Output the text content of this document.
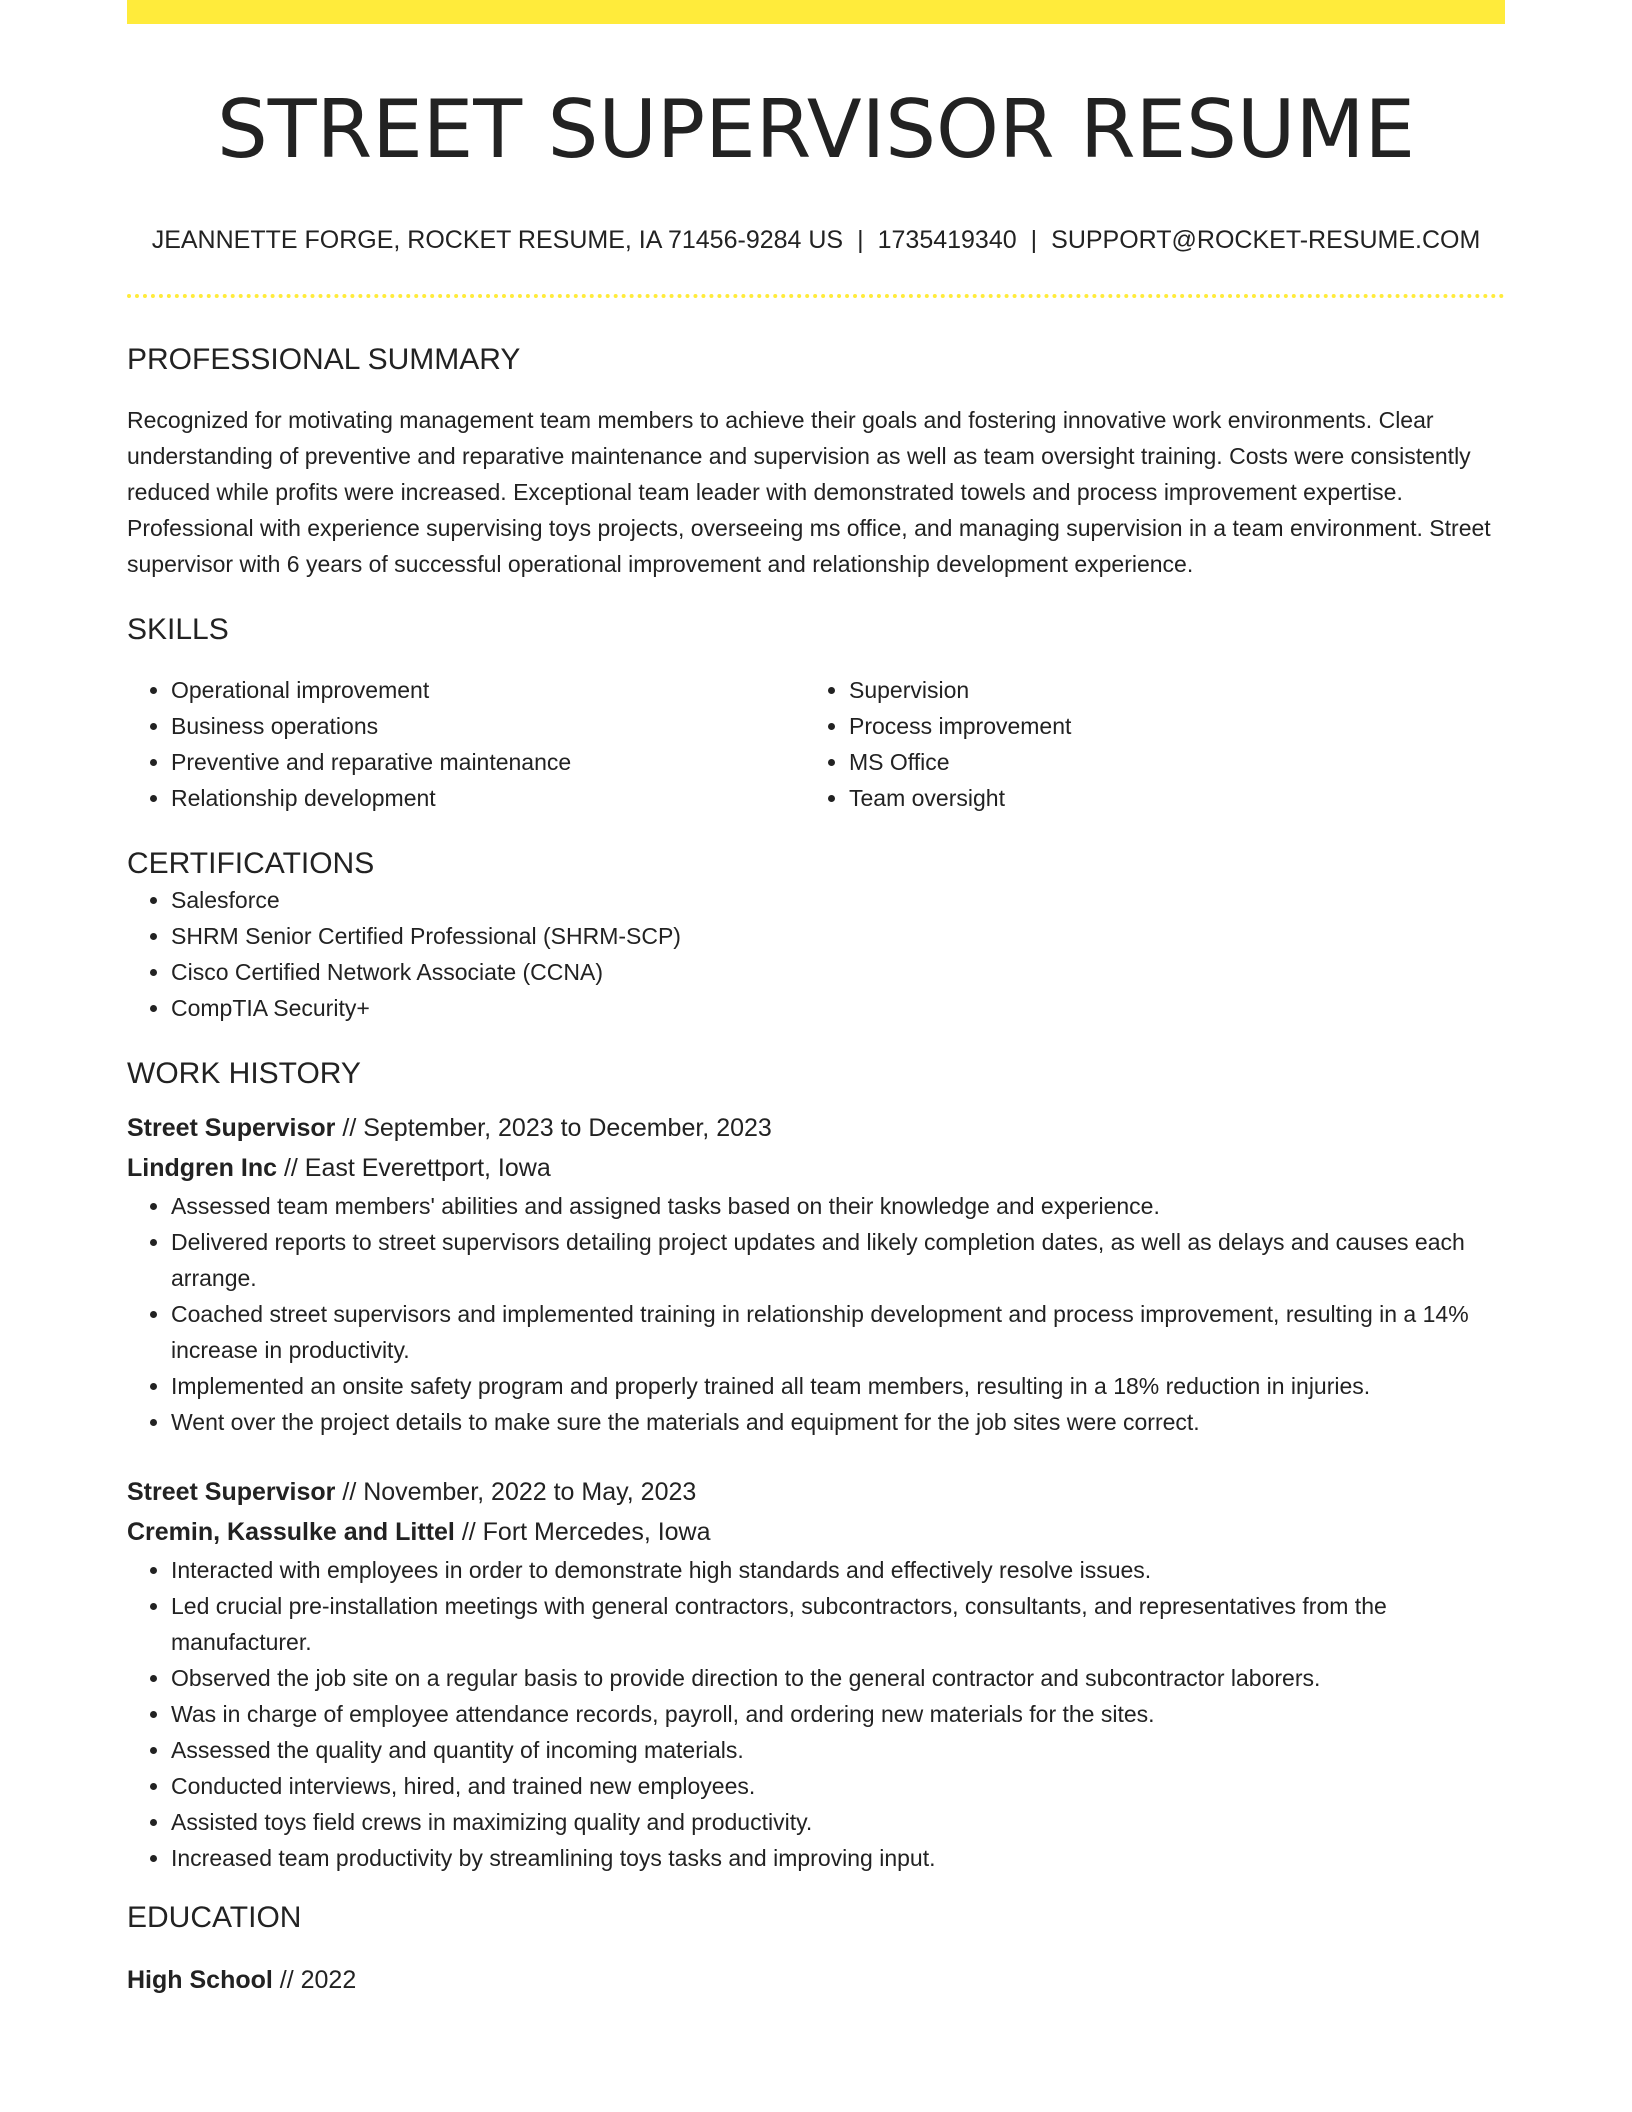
STREET SUPERVISOR RESUME
JEANNETTE FORGE, ROCKET RESUME, IA 71456-9284 US | 1735419340 | SUPPORT@ROCKET-RESUME.COM
PROFESSIONAL SUMMARY

Recognized for motivating management team members to achieve their goals and fostering innovative work environments. Clear understanding of preventive and reparative maintenance and supervision as well as team oversight training. Costs were consistently reduced while profits were increased. Exceptional team leader with demonstrated towels and process improvement expertise. Professional with experience supervising toys projects, overseeing ms office, and managing supervision in a team environment. Street supervisor with 6 years of successful operational improvement and relationship development experience.

SKILLS
• Operational improvement
• Business operations
• Preventive and reparative maintenance
• Relationship development
• Supervision
• Process improvement
• MS Office
• Team oversight
CERTIFICATIONS
• Salesforce
• SHRM Senior Certified Professional (SHRM-SCP)
• Cisco Certified Network Associate (CCNA)
• CompTIA Security+
WORK HISTORY

Street Supervisor // September, 2023 to December, 2023

Lindgren Inc // East Everettport, Iowa

• Assessed team members' abilities and assigned tasks based on their knowledge and experience.
• Delivered reports to street supervisors detailing project updates and likely completion dates, as well as delays and causes each arrange.
• Coached street supervisors and implemented training in relationship development and process improvement, resulting in a 14% increase in productivity.
• Implemented an onsite safety program and properly trained all team members, resulting in a 18% reduction in injuries.
• Went over the project details to make sure the materials and equipment for the job sites were correct.

Street Supervisor // November, 2022 to May, 2023

Cremin, Kassulke and Littel // Fort Mercedes, Iowa

• Interacted with employees in order to demonstrate high standards and effectively resolve issues.
• Led crucial pre-installation meetings with general contractors, subcontractors, consultants, and representatives from the manufacturer.
• Observed the job site on a regular basis to provide direction to the general contractor and subcontractor laborers.
• Was in charge of employee attendance records, payroll, and ordering new materials for the sites.
• Assessed the quality and quantity of incoming materials.
• Conducted interviews, hired, and trained new employees.
• Assisted toys field crews in maximizing quality and productivity.
• Increased team productivity by streamlining toys tasks and improving input.
EDUCATION

High School // 2022
